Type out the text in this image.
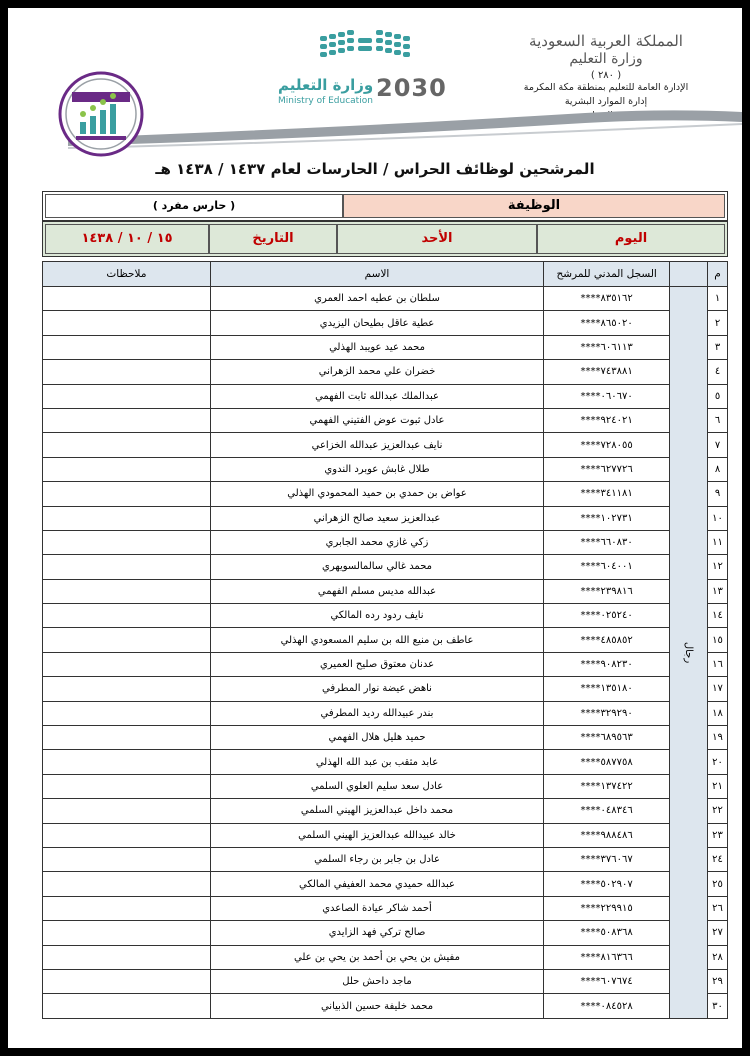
المملكة العربية السعودية
وزارة التعليم
( ٢٨٠ )
الإدارة العامة للتعليم بمنطقة مكة المكرمة
إدارة الموارد البشرية
وزارة التعليم
Ministry of Education 2030
المرشحين لوظائف الحراس / الحارسات لعام ١٤٣٧ / ١٤٣٨ هـ
الوظيفة
( حارس مفرد )
اليوم
الأحد
التاريخ
١٥ / ١٠ / ١٤٣٨
م		السجل المدني للمرشح	الاسم	ملاحظات
١	رجال	****٨٣٥١٦٢	سلطان بن عطيه احمد العمري	
٢		****٨٦٥٠٢٠	عطية عاقل بطيحان اليزيدي	
٣		****٦٠٦١١٣	محمد عيد عويبد الهذلي	
٤		****٧٤٣٨٨١	خضران علي محمد الزهراني	
٥		****٠٦٠٦٧٠	عبدالملك عبدالله ثابت الفهمي	
٦		****٩٢٤٠٢١	عادل ثبوت عوض الفتيني الفهمي	
٧		****٧٢٨٠٥٥	نايف عبدالعزيز عبدالله الخزاعي	
٨		****٦٢٧٧٢٦	طلال غابش عوبرد الندوي	
٩		****٣٤١١٨١	عواض بن حمدي بن حميد المحمودي الهذلي	
١٠		****١٠٢٧٣١	عبدالعزيز سعيد صالح الزهراني	
١١		****٦٦٠٨٣٠	زكي غازي محمد الجابري	
١٢		****٦٠٤٠٠١	محمد غالي سالمالسويهري	
١٣		****٢٣٩٨١٦	عبدالله مديس مسلم الفهمي	
١٤		****٠٢٥٢٤٠	نايف ردود رده المالكي	
١٥		****٤٨٥٨٥٢	عاطف بن منيع الله بن سليم المسعودي الهذلي	
١٦		****٩٠٨٢٣٠	عدنان معتوق صليح العميري	
١٧		****١٣٥١٨٠	ناهض عيضة نوار المطرفي	
١٨		****٣٢٩٢٩٠	بندر عبيدالله رديد المطرفي	
١٩		****٦٨٩٥٦٣	حميد هليل هلال الفهمي	
٢٠		****٥٨٧٧٥٨	عابد مثقب بن عبد الله الهذلي	
٢١		****١٣٧٤٢٢	عادل سعد سليم العلوي السلمي	
٢٢		****٠٤٨٣٤٦	محمد داخل عبدالعزيز الهيني السلمي	
٢٣		****٩٨٨٤٨٦	خالد عبيدالله عبدالعزيز الهيني السلمي	
٢٤		****٣٧٦٠٦٧	عادل بن جابر بن رجاء السلمي	
٢٥		****٥٠٢٩٠٧	عبدالله حميدي محمد العفيفي المالكي	
٢٦		****٢٢٩٩١٥	أحمد شاكر عيادة الصاعدي	
٢٧		****٥٠٨٣٦٨	صالح تركي فهد الزايدي	
٢٨		****٨١٦٣٦٦	مفيش بن يحي بن أحمد بن يحي بن علي	
٢٩		****٦٠٧٦٧٤	ماجد داحش حلل	
٣٠		****٠٨٤٥٢٨	محمد خليفة حسين الذبياني	
